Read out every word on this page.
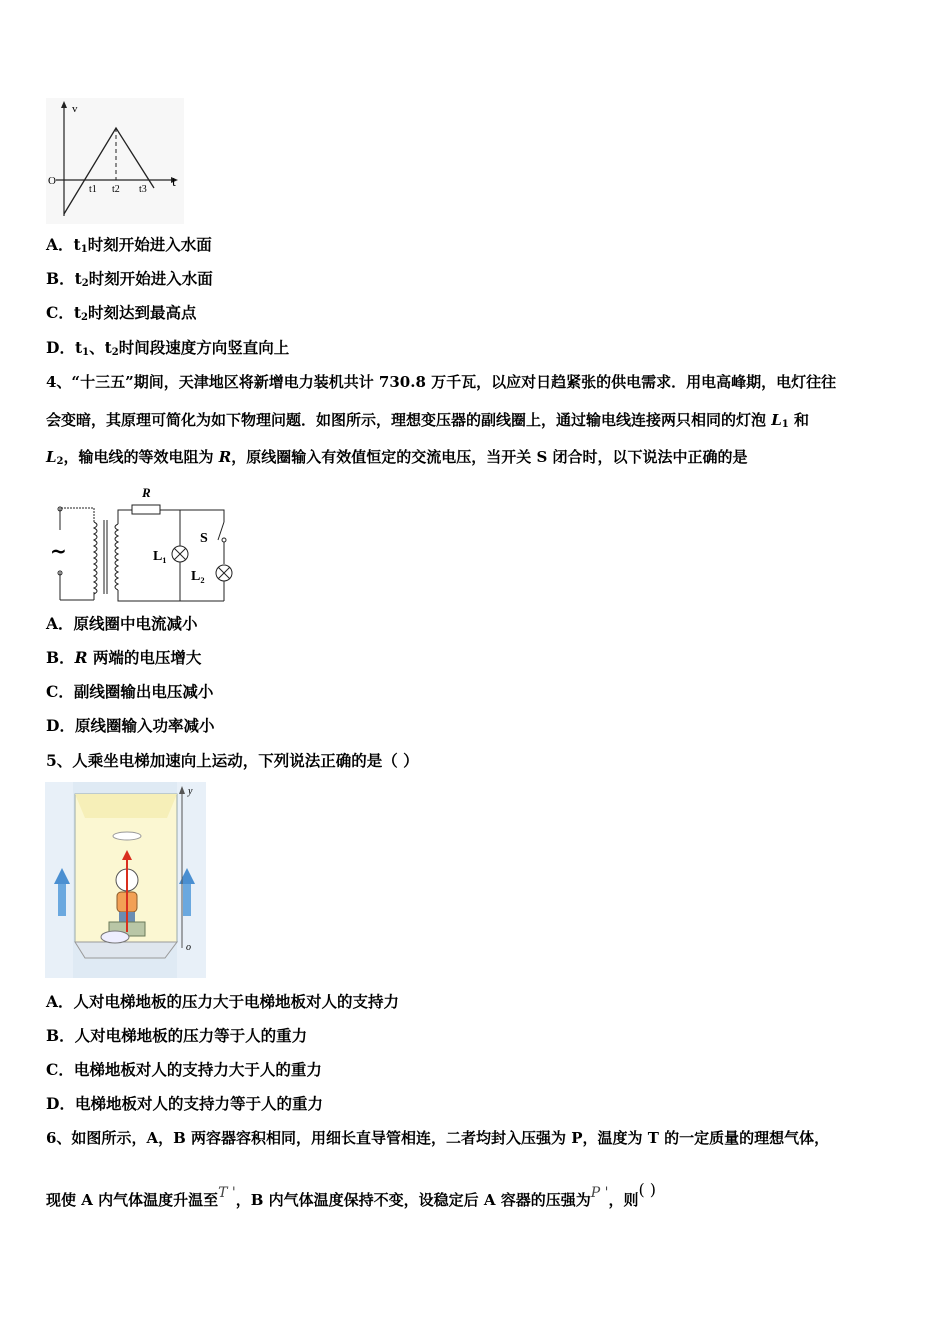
v
t
O
t1 t2 t3
A．$t_1$时刻开始进入水面
B．$t_2$时刻开始进入水面
C．$t_2$时刻达到最高点
D．$t_1$、$t_2$时间段速度方向竖直向上
4、“十三五”期间，天津地区将新增电力装机共计 730.8 万千瓦，以应对日趋紧张的供电需求．用电高峰期，电灯往往
会变暗，其原理可简化为如下物理问题．如图所示，理想变压器的副线圈上，通过输电线连接两只相同的灯泡 $L_1$ 和
$L_2$，输电线的等效电阻为 R，原线圈输入有效值恒定的交流电压，当开关 S 闭合时，以下说法中正确的是
~
R
S
L₂
L₁
A．原线圈中电流减小
B．R 两端的电压增大
C．副线圈输出电压减小
D．原线圈输入功率减小
5、人乘坐电梯加速向上运动，下列说法正确的是（ ）
y
o
A．人对电梯地板的压力大于电梯地板对人的支持力
B．人对电梯地板的压力等于人的重力
C．电梯地板对人的支持力大于人的重力
D．电梯地板对人的支持力等于人的重力
6、如图所示，A，B 两容器容积相同，用细长直导管相连，二者均封入压强为 P，温度为 T 的一定质量的理想气体，
现使 A 内气体温度升温至T '，B 内气体温度保持不变，设稳定后 A 容器的压强为P '，则( )
